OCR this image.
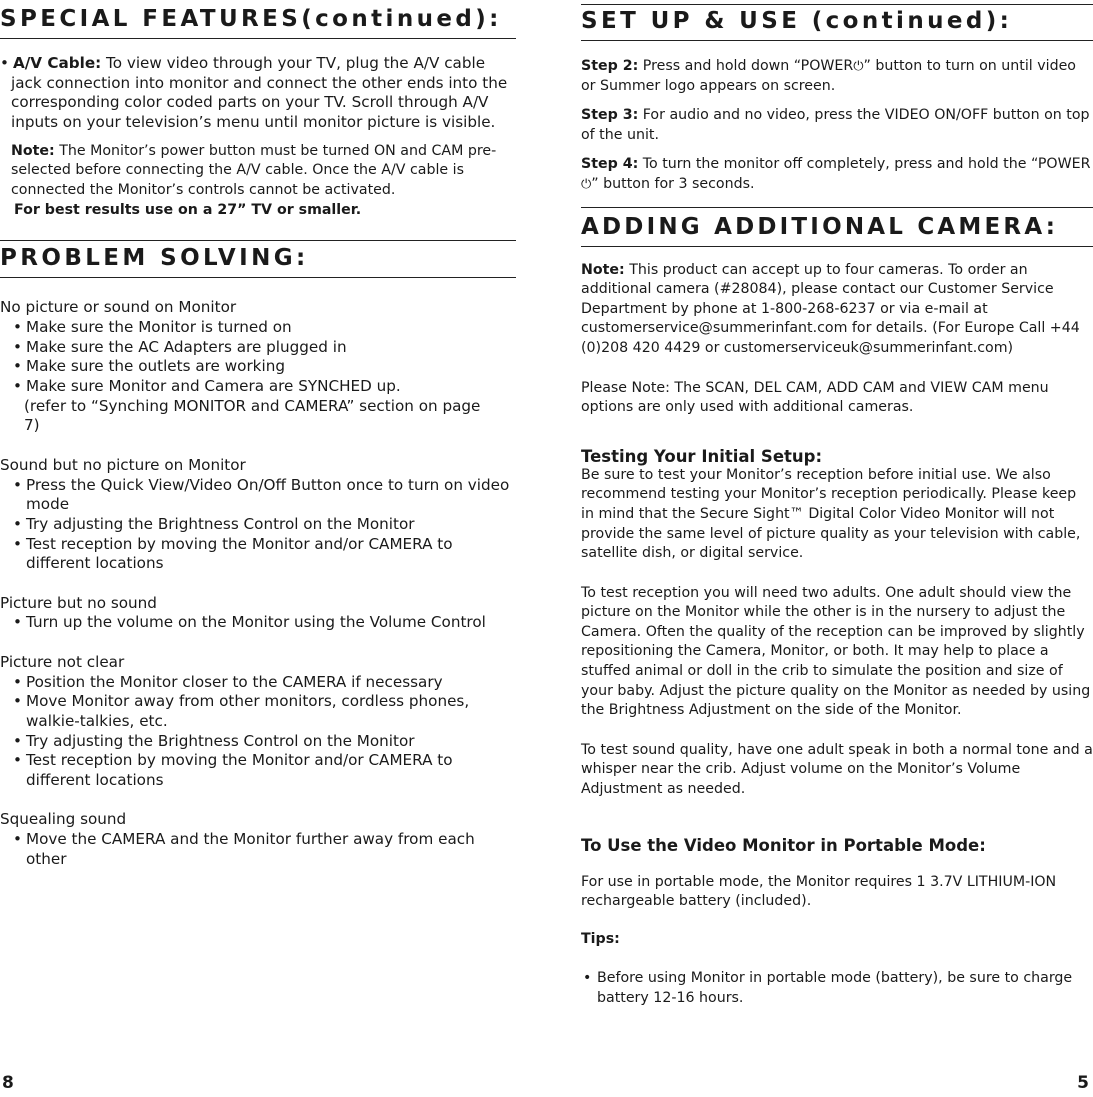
SPECIAL FEATURES(continued):
• A/V Cable: To view video through your TV, plug the A/V cable jack connection into monitor and connect the other ends into the corresponding color coded parts on your TV. Scroll through A/V inputs on your television’s menu until monitor picture is visible.
Note: The Monitor’s power button must be turned ON and CAM pre-selected before connecting the A/V cable. Once the A/V cable is connected the Monitor’s controls cannot be activated.
For best results use on a 27” TV or smaller.
PROBLEM SOLVING:
No picture or sound on Monitor
• Make sure the Monitor is turned on
• Make sure the AC Adapters are plugged in
• Make sure the outlets are working
• Make sure Monitor and Camera are SYNCHED up.
(refer to “Synching MONITOR and CAMERA” section on page 7)
Sound but no picture on Monitor
• Press the Quick View/Video On/Off Button once to turn on video mode
• Try adjusting the Brightness Control on the Monitor
• Test reception by moving the Monitor and/or CAMERA to different locations
Picture but no sound
• Turn up the volume on the Monitor using the Volume Control
Picture not clear
• Position the Monitor closer to the CAMERA if necessary
• Move Monitor away from other monitors, cordless phones, walkie-talkies, etc.
• Try adjusting the Brightness Control on the Monitor
• Test reception by moving the Monitor and/or CAMERA to different locations
Squealing sound
• Move the CAMERA and the Monitor further away from each other
8
SET UP & USE (continued):
Step 2: Press and hold down “POWER⏻” button to turn on until video or Summer logo appears on screen.
Step 3: For audio and no video, press the VIDEO ON/OFF button on top of the unit.
Step 4: To turn the monitor off completely, press and hold the “POWER⏻” button for 3 seconds.
ADDING ADDITIONAL CAMERA:
Note: This product can accept up to four cameras. To order an additional camera (#28084), please contact our Customer Service Department by phone at 1-800-268-6237 or via e-mail at customerservice@summerinfant.com for details. (For Europe Call +44 (0)208 420 4429 or customerserviceuk@summerinfant.com)
Please Note: The SCAN, DEL CAM, ADD CAM and VIEW CAM menu options are only used with additional cameras.
Testing Your Initial Setup:
Be sure to test your Monitor’s reception before initial use. We also recommend testing your Monitor’s reception periodically. Please keep in mind that the Secure Sight™ Digital Color Video Monitor will not provide the same level of picture quality as your television with cable, satellite dish, or digital service.
To test reception you will need two adults. One adult should view the picture on the Monitor while the other is in the nursery to adjust the Camera. Often the quality of the reception can be improved by slightly repositioning the Camera, Monitor, or both. It may help to place a stuffed animal or doll in the crib to simulate the position and size of your baby. Adjust the picture quality on the Monitor as needed by using the Brightness Adjustment on the side of the Monitor.
To test sound quality, have one adult speak in both a normal tone and a whisper near the crib. Adjust volume on the Monitor’s Volume Adjustment as needed.
To Use the Video Monitor in Portable Mode:
For use in portable mode, the Monitor requires 1 3.7V LITHIUM-ION rechargeable battery (included).
Tips:
• Before using Monitor in portable mode (battery), be sure to charge battery 12-16 hours.
5
